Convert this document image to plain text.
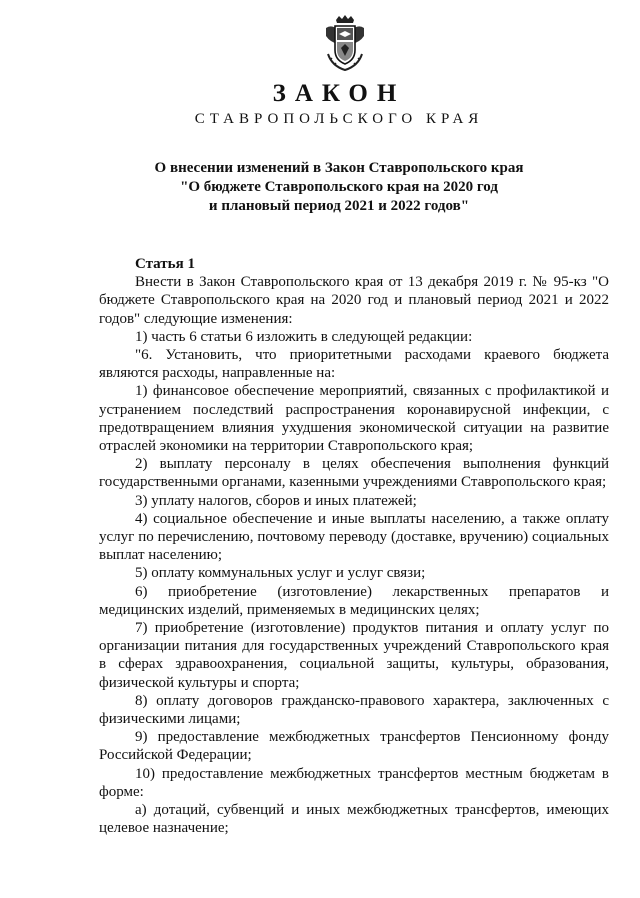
ЗАКОН
СТАВРОПОЛЬСКОГО КРАЯ
О внесении изменений в Закон Ставропольского края
"О бюджете Ставропольского края на 2020 год
и плановый период 2021 и 2022 годов"
Статья 1

Внести в Закон Ставропольского края от 13 декабря 2019 г. № 95-кз "О бюджете Ставропольского края на 2020 год и плановый период 2021 и 2022 годов" следующие изменения:

1) часть 6 статьи 6 изложить в следующей редакции:

"6. Установить, что приоритетными расходами краевого бюджета являются расходы, направленные на:

1) финансовое обеспечение мероприятий, связанных с профилактикой и устранением последствий распространения коронавирусной инфекции, с предотвращением влияния ухудшения экономической ситуации на развитие отраслей экономики на территории Ставропольского края;

2) выплату персоналу в целях обеспечения выполнения функций государственными органами, казенными учреждениями Ставропольского края;

3) уплату налогов, сборов и иных платежей;

4) социальное обеспечение и иные выплаты населению, а также оплату услуг по перечислению, почтовому переводу (доставке, вручению) социальных выплат населению;

5) оплату коммунальных услуг и услуг связи;

6) приобретение (изготовление) лекарственных препаратов и медицинских изделий, применяемых в медицинских целях;

7) приобретение (изготовление) продуктов питания и оплату услуг по организации питания для государственных учреждений Ставропольского края в сферах здравоохранения, социальной защиты, культуры, образования, физической культуры и спорта;

8) оплату договоров гражданско-правового характера, заключенных с физическими лицами;

9) предоставление межбюджетных трансфертов Пенсионному фонду Российской Федерации;

10) предоставление межбюджетных трансфертов местным бюджетам в форме:

а) дотаций, субвенций и иных межбюджетных трансфертов, имеющих целевое назначение;
